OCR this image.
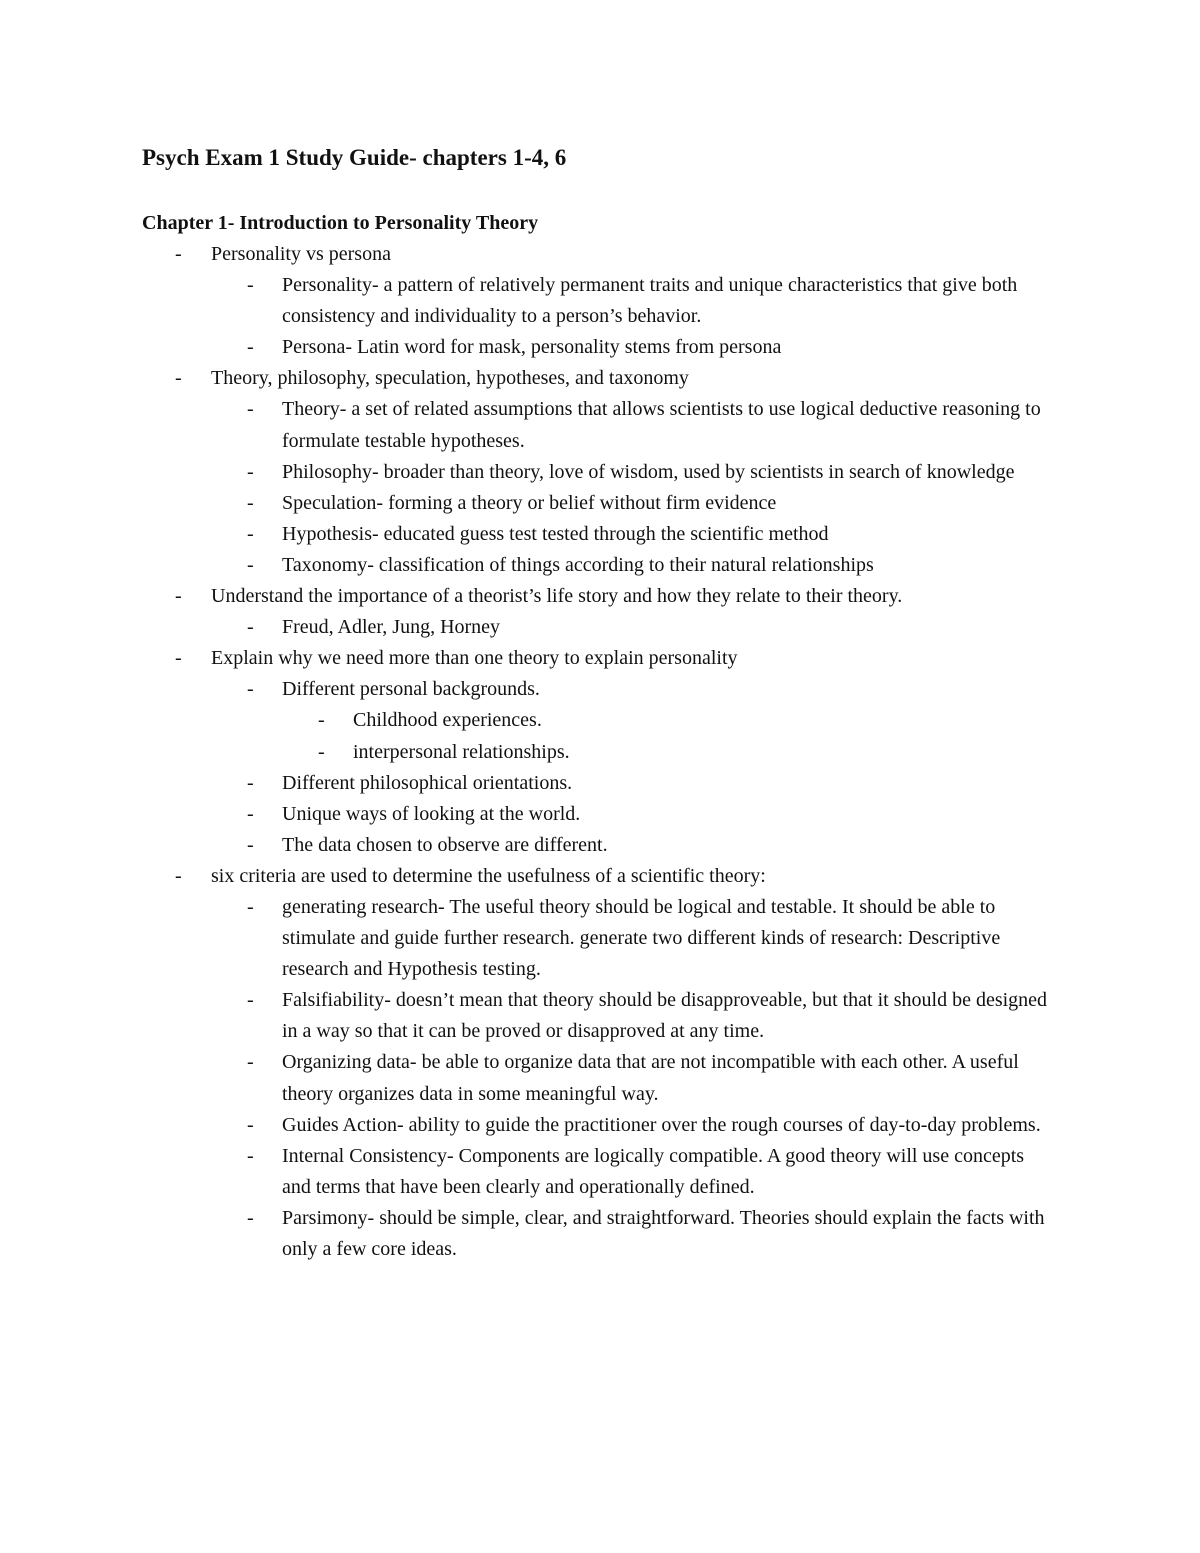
Psych Exam 1 Study Guide- chapters 1-4, 6
Chapter 1- Introduction to Personality Theory
- Personality vs persona
- Personality- a pattern of relatively permanent traits and unique characteristics that give both consistency and individuality to a person’s behavior.
- Persona- Latin word for mask, personality stems from persona
- Theory, philosophy, speculation, hypotheses, and taxonomy
- Theory- a set of related assumptions that allows scientists to use logical deductive reasoning to formulate testable hypotheses.
- Philosophy- broader than theory, love of wisdom, used by scientists in search of knowledge
- Speculation- forming a theory or belief without firm evidence
- Hypothesis- educated guess test tested through the scientific method
- Taxonomy- classification of things according to their natural relationships
- Understand the importance of a theorist’s life story and how they relate to their theory.
- Freud, Adler, Jung, Horney
- Explain why we need more than one theory to explain personality
- Different personal backgrounds.
- Childhood experiences.
- interpersonal relationships.
- Different philosophical orientations.
- Unique ways of looking at the world.
- The data chosen to observe are different.
- six criteria are used to determine the usefulness of a scientific theory:
- generating research- The useful theory should be logical and testable. It should be able to stimulate and guide further research. generate two different kinds of research: Descriptive research and Hypothesis testing.
- Falsifiability- doesn’t mean that theory should be disapproveable, but that it should be designed in a way so that it can be proved or disapproved at any time.
- Organizing data- be able to organize data that are not incompatible with each other. A useful theory organizes data in some meaningful way.
- Guides Action- ability to guide the practitioner over the rough courses of day-to-day problems.
- Internal Consistency- Components are logically compatible. A good theory will use concepts and terms that have been clearly and operationally defined.
- Parsimony- should be simple, clear, and straightforward. Theories should explain the facts with only a few core ideas.
